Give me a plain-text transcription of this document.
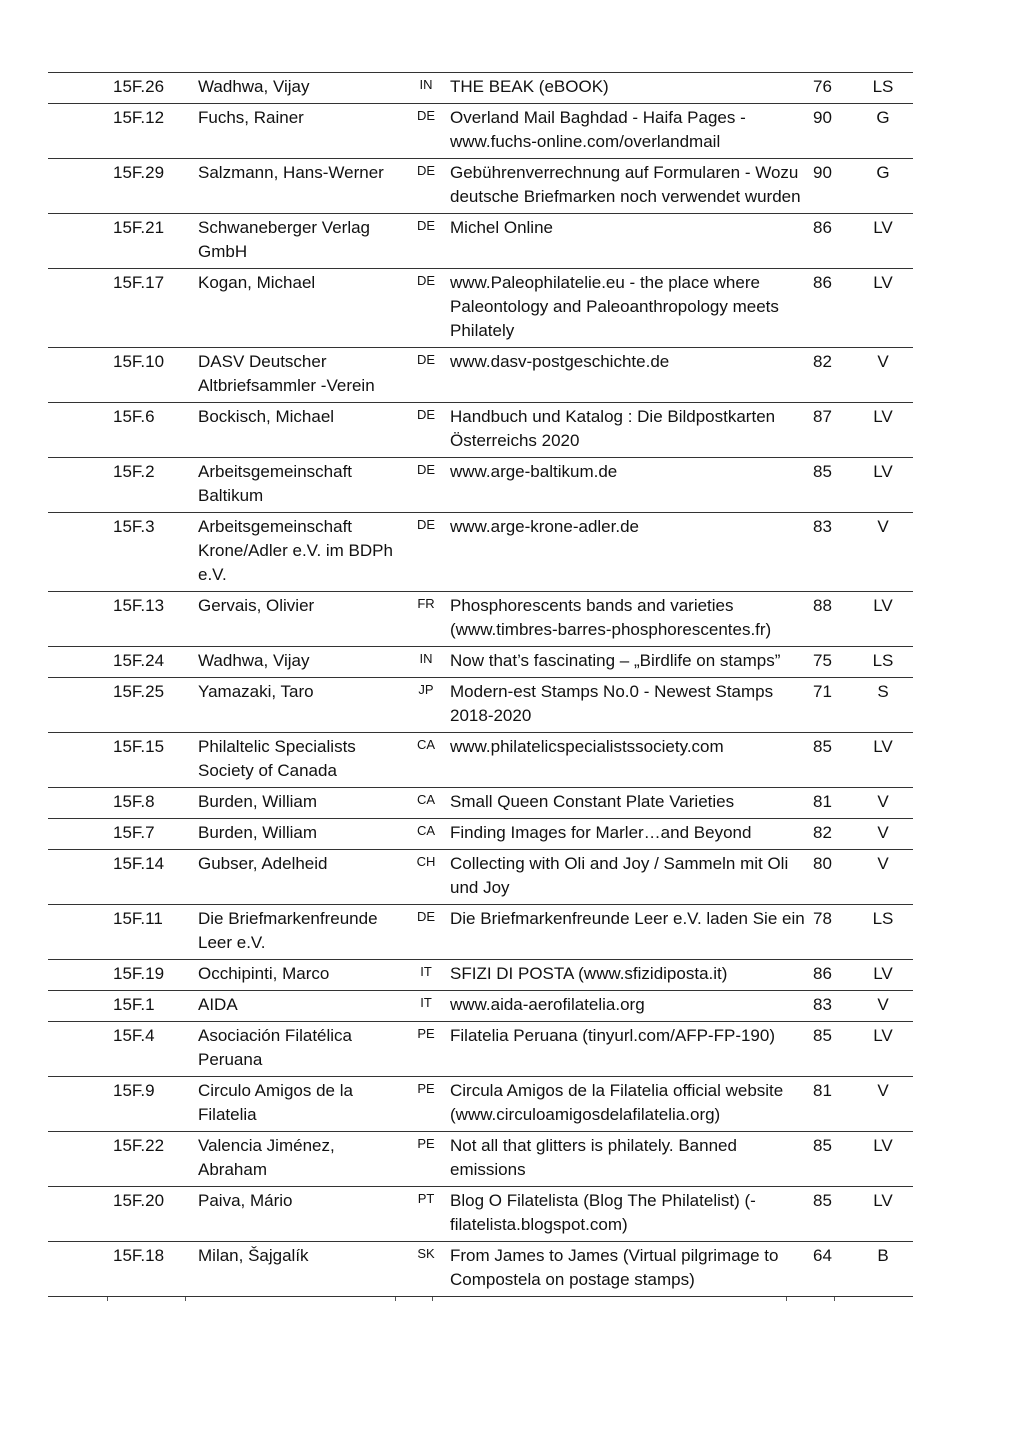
	15F.26	Wadhwa, Vijay	IN	THE BEAK (eBOOK)	76	LS
	15F.12	Fuchs, Rainer	DE	Overland Mail Baghdad - Haifa Pages - www.fuchs-online.com/overlandmail	90	G
	15F.29	Salzmann, Hans-Werner	DE	Gebührenverrechnung auf Formularen - Wozu deutsche Briefmarken noch verwendet wurden	90	G
	15F.21	Schwaneberger Verlag GmbH	DE	Michel Online	86	LV
	15F.17	Kogan, Michael	DE	www.Paleophilatelie.eu - the place where Paleontology and Paleoanthropology meets Philately	86	LV
	15F.10	DASV Deutscher Altbriefsammler -Verein	DE	www.dasv-postgeschichte.de	82	V
	15F.6	Bockisch, Michael	DE	Handbuch und Katalog : Die Bildpostkarten Österreichs 2020	87	LV
	15F.2	Arbeitsgemeinschaft Baltikum	DE	www.arge-baltikum.de	85	LV
	15F.3	Arbeitsgemeinschaft Krone/Adler e.V. im BDPh e.V.	DE	www.arge-krone-adler.de	83	V
	15F.13	Gervais, Olivier	FR	Phosphorescents bands and varieties (www.timbres-barres-phosphorescentes.fr)	88	LV
	15F.24	Wadhwa, Vijay	IN	Now that’s fascinating – „Birdlife on stamps”	75	LS
	15F.25	Yamazaki, Taro	JP	Modern-est Stamps No.0 - Newest Stamps 2018-2020	71	S
	15F.15	Philaltelic Specialists Society of Canada	CA	www.philatelicspecialistssociety.com	85	LV
	15F.8	Burden, William	CA	Small Queen Constant Plate Varieties	81	V
	15F.7	Burden, William	CA	Finding Images for Marler…and Beyond	82	V
	15F.14	Gubser, Adelheid	CH	Collecting with Oli and Joy / Sammeln mit Oli und Joy	80	V
	15F.11	Die Briefmarkenfreunde Leer e.V.	DE	Die Briefmarkenfreunde Leer e.V. laden Sie ein	78	LS
	15F.19	Occhipinti, Marco	IT	SFIZI DI POSTA (www.sfizidiposta.it)	86	LV
	15F.1	AIDA	IT	www.aida-aerofilatelia.org	83	V
	15F.4	Asociación Filatélica Peruana	PE	Filatelia Peruana (tinyurl.com/AFP-FP-190)	85	LV
	15F.9	Circulo Amigos de la Filatelia	PE	Circula Amigos de la Filatelia official website (www.circuloamigosdelafilatelia.org)	81	V
	15F.22	Valencia Jiménez, Abraham	PE	Not all that glitters is philately. Banned emissions	85	LV
	15F.20	Paiva, Mário	PT	Blog O Filatelista (Blog The Philatelist) (-filatelista.blogspot.com)	85	LV
	15F.18	Milan, Šajgalík	SK	From James to James (Virtual pilgrimage to Compostela on postage stamps)	64	B
